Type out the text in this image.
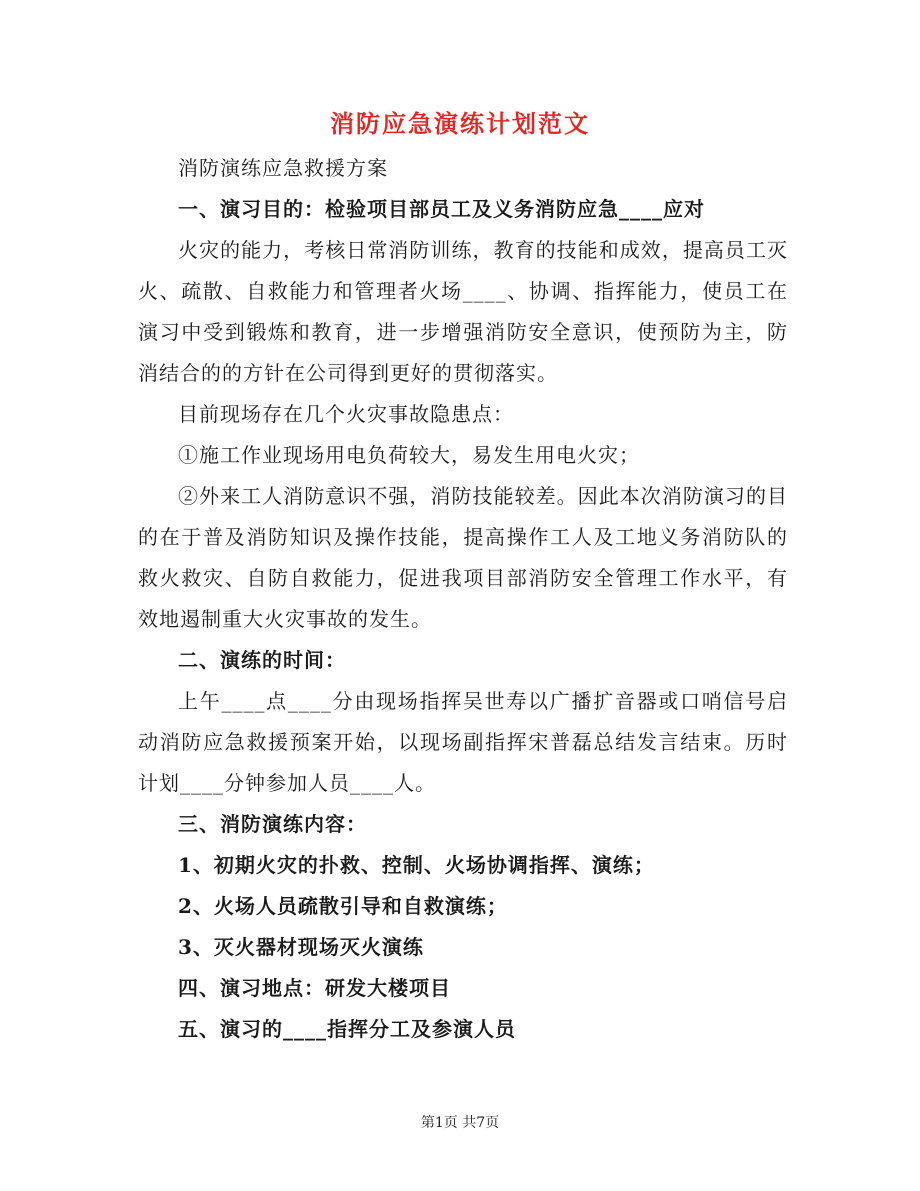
消防应急演练计划范文

消防演练应急救援方案

一、演习目的：检验项目部员工及义务消防应急____应对

火灾的能力，考核日常消防训练，教育的技能和成效，提高员工灭火、疏散、自救能力和管理者火场____、协调、指挥能力，使员工在演习中受到锻炼和教育，进一步增强消防安全意识，使预防为主，防消结合的的方针在公司得到更好的贯彻落实。

目前现场存在几个火灾事故隐患点：

①施工作业现场用电负荷较大，易发生用电火灾；

②外来工人消防意识不强，消防技能较差。因此本次消防演习的目的在于普及消防知识及操作技能，提高操作工人及工地义务消防队的救火救灾、自防自救能力，促进我项目部消防安全管理工作水平，有效地遏制重大火灾事故的发生。

二、演练的时间：

上午____点____分由现场指挥吴世寿以广播扩音器或口哨信号启动消防应急救援预案开始，以现场副指挥宋普磊总结发言结束。历时计划____分钟参加人员____人。

三、消防演练内容：

1、初期火灾的扑救、控制、火场协调指挥、演练；

2、火场人员疏散引导和自救演练；

3、灭火器材现场灭火演练

四、演习地点：研发大楼项目

五、演习的____指挥分工及参演人员

第1页 共7页
